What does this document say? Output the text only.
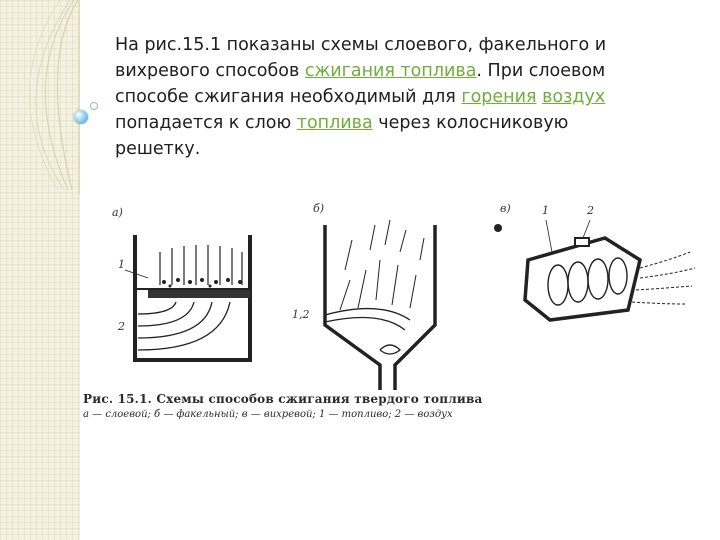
На рис.15.1 показаны схемы слоевого, факельного и
вихревого способов сжигания топлива. При слоевом
способе сжигания необходимый для горения воздух
попадается к слою топлива через колосниковую
решетку.
а)	б)	в)
1
2
1,2
1	2
Рис. 15.1. Схемы способов сжигания твердого топлива
а — слоевой; б — факельный; в — вихревой; 1 — топливо; 2 — воздух
